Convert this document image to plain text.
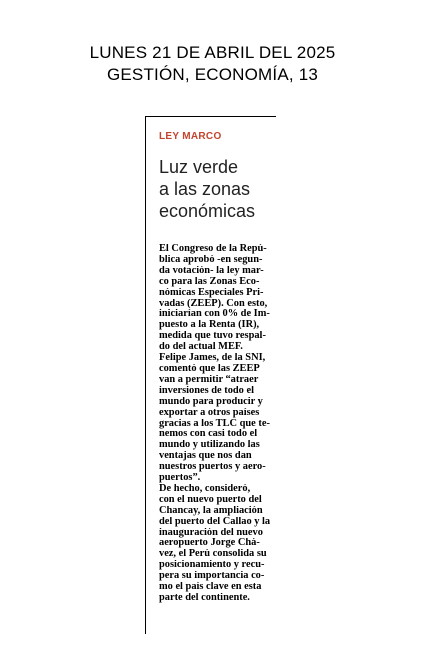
LUNES 21 DE ABRIL DEL 2025
GESTIÓN, ECONOMÍA, 13
LEY MARCO
Luz verde
a las zonas
económicas
El Congreso de la Repú-
blica aprobó -en segun-
da votación- la ley mar-
co para las Zonas Eco-
nómicas Especiales Pri-
vadas (ZEEP). Con esto,
iniciarían con 0% de Im-
puesto a la Renta (IR),
medida que tuvo respal-
do del actual MEF.
Felipe James, de la SNI,
comentó que las ZEEP
van a permitir “atraer
inversiones de todo el
mundo para producir y
exportar a otros países
gracias a los TLC que te-
nemos con casi todo el
mundo y utilizando las
ventajas que nos dan
nuestros puertos y aero-
puertos”.
De hecho, consideró,
con el nuevo puerto del
Chancay, la ampliación
del puerto del Callao y la
inauguración del nuevo
aeropuerto Jorge Chá-
vez, el Perú consolida su
posicionamiento y recu-
pera su importancia co-
mo el país clave en esta
parte del continente.
